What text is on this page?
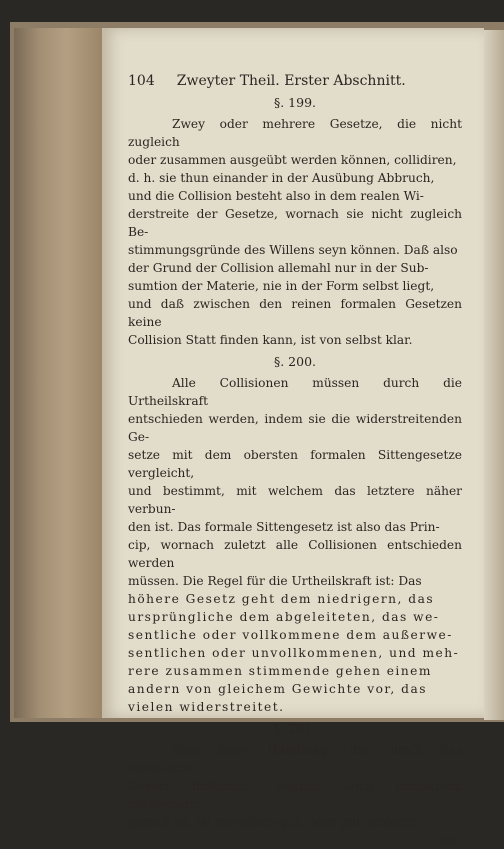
104 Zweyter Theil. Erster Abschnitt.
§. 199.

Zwey oder mehrere Gesetze, die nicht zugleich

oder zusammen ausgeübt werden können, collidiren,

d. h. sie thun einander in der Ausübung Abbruch,

und die Collision besteht also in dem realen Wi-

derstreite der Gesetze, wornach sie nicht zugleich Be-

stimmungsgründe des Willens seyn können. Daß also

der Grund der Collision allemahl nur in der Sub-

sumtion der Materie, nie in der Form selbst liegt,

und daß zwischen den reinen formalen Gesetzen keine

Collision Statt finden kann, ist von selbst klar.

§. 200.

Alle Collisionen müssen durch die Urtheilskraft

entschieden werden, indem sie die widerstreitenden Ge-

setze mit dem obersten formalen Sittengesetze vergleicht,

und bestimmt, mit welchem das letztere näher verbun-

den ist. Das formale Sittengesetz ist also das Prin-

cip, wornach zuletzt alle Collisionen entschieden werden

müssen. Die Regel für die Urtheilskraft ist: Das

höhere Gesetz geht dem niedrigern, das

ursprüngliche dem abgeleiteten, das we-

sentliche oder vollkommene dem außerwe-

sentlichen oder unvollkommenen, und meh-

rere zusammen stimmende gehen einem

andern von gleichem Gewichte vor, das

vielen widerstreitet.

§. 201.

Eine freye Handlung, die durch das moralische

Gesetz bestimmt, folglich auch demselben nothwendig

gemäß ist, ist moralisch-gut, oder gut schlecht-

hin;
